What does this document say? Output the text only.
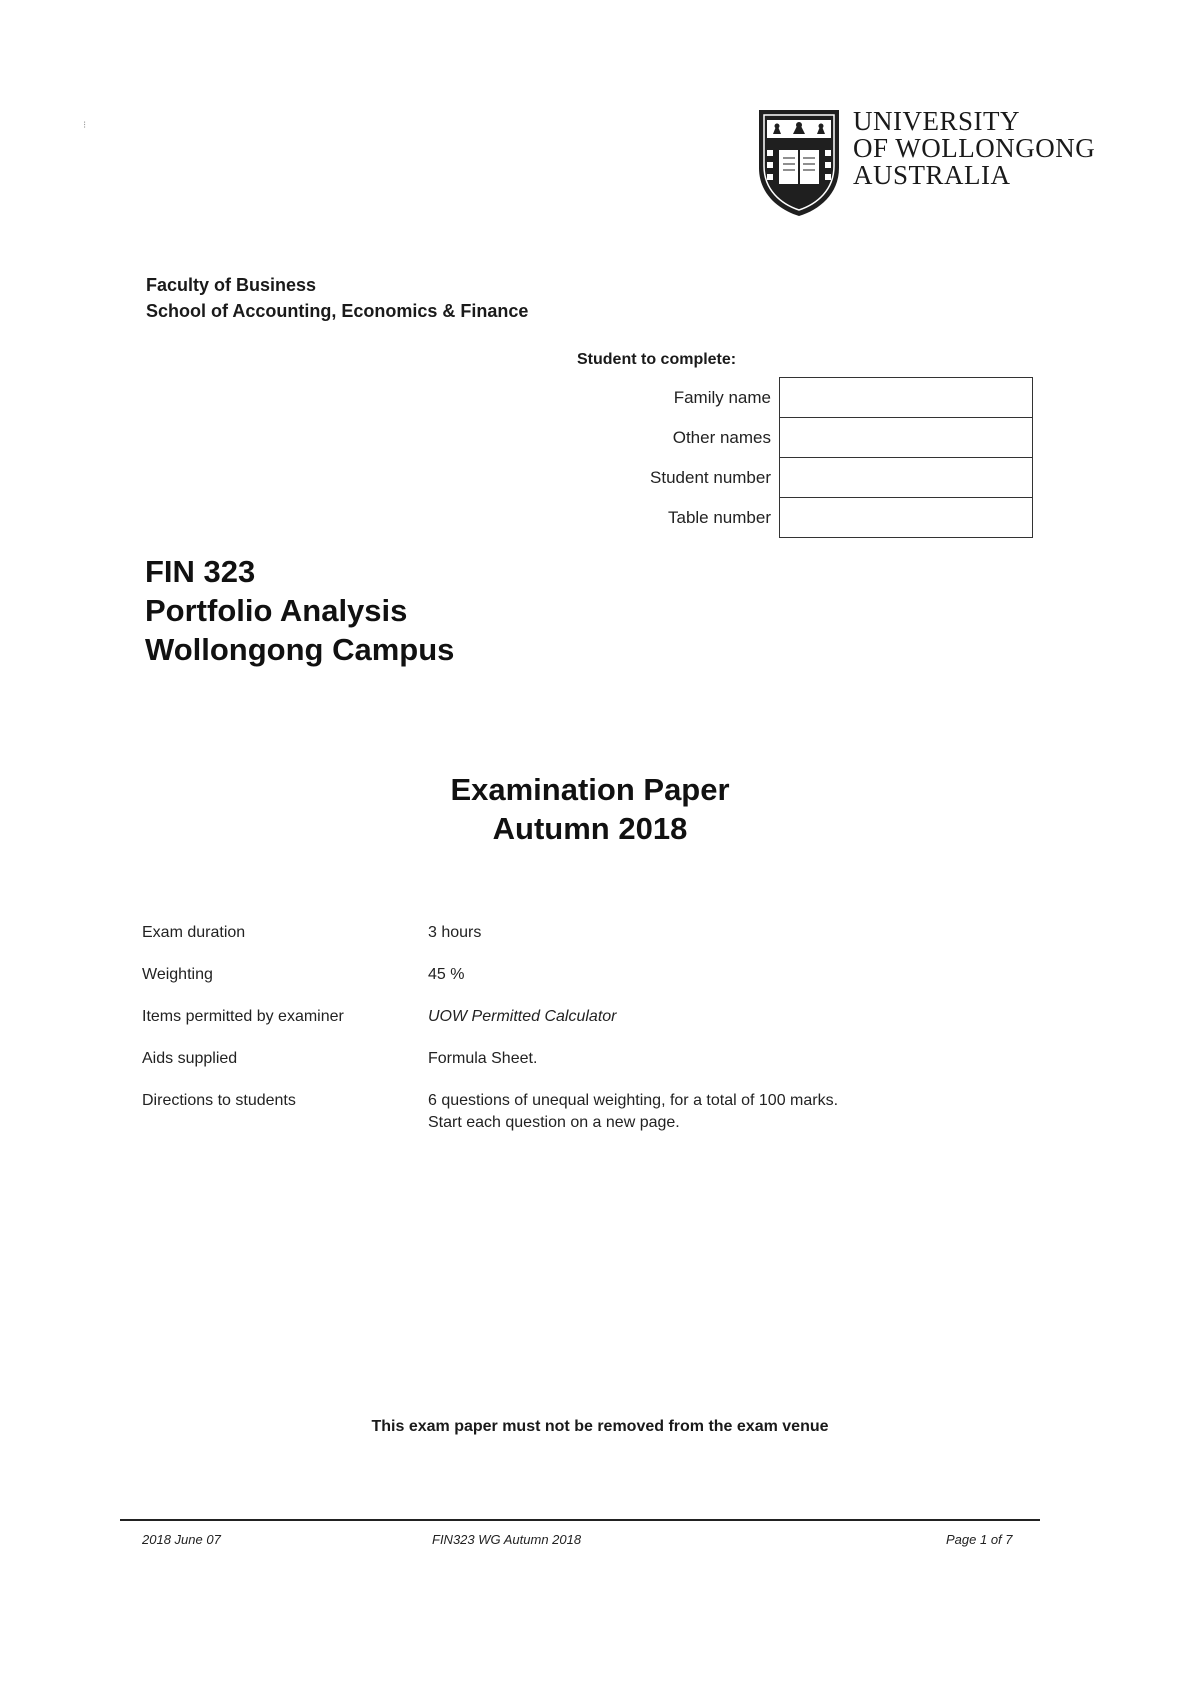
⁝	UNIVERSITY
OF WOLLONGONG
AUSTRALIA
Faculty of Business
School of Accounting, Economics & Finance
Student to complete:
Family name	
Other names	
Student number	
Table number	
FIN 323
Portfolio Analysis
Wollongong Campus
Examination Paper
Autumn 2018
Exam duration	3 hours
Weighting	45 %
Items permitted by examiner	UOW Permitted Calculator
Aids supplied	Formula Sheet.
Directions to students	6 questions of unequal weighting, for a total of 100 marks.
Start each question on a new page.
This exam paper must not be removed from the exam venue
2018 June 07	FIN323 WG Autumn 2018	Page 1 of 7
